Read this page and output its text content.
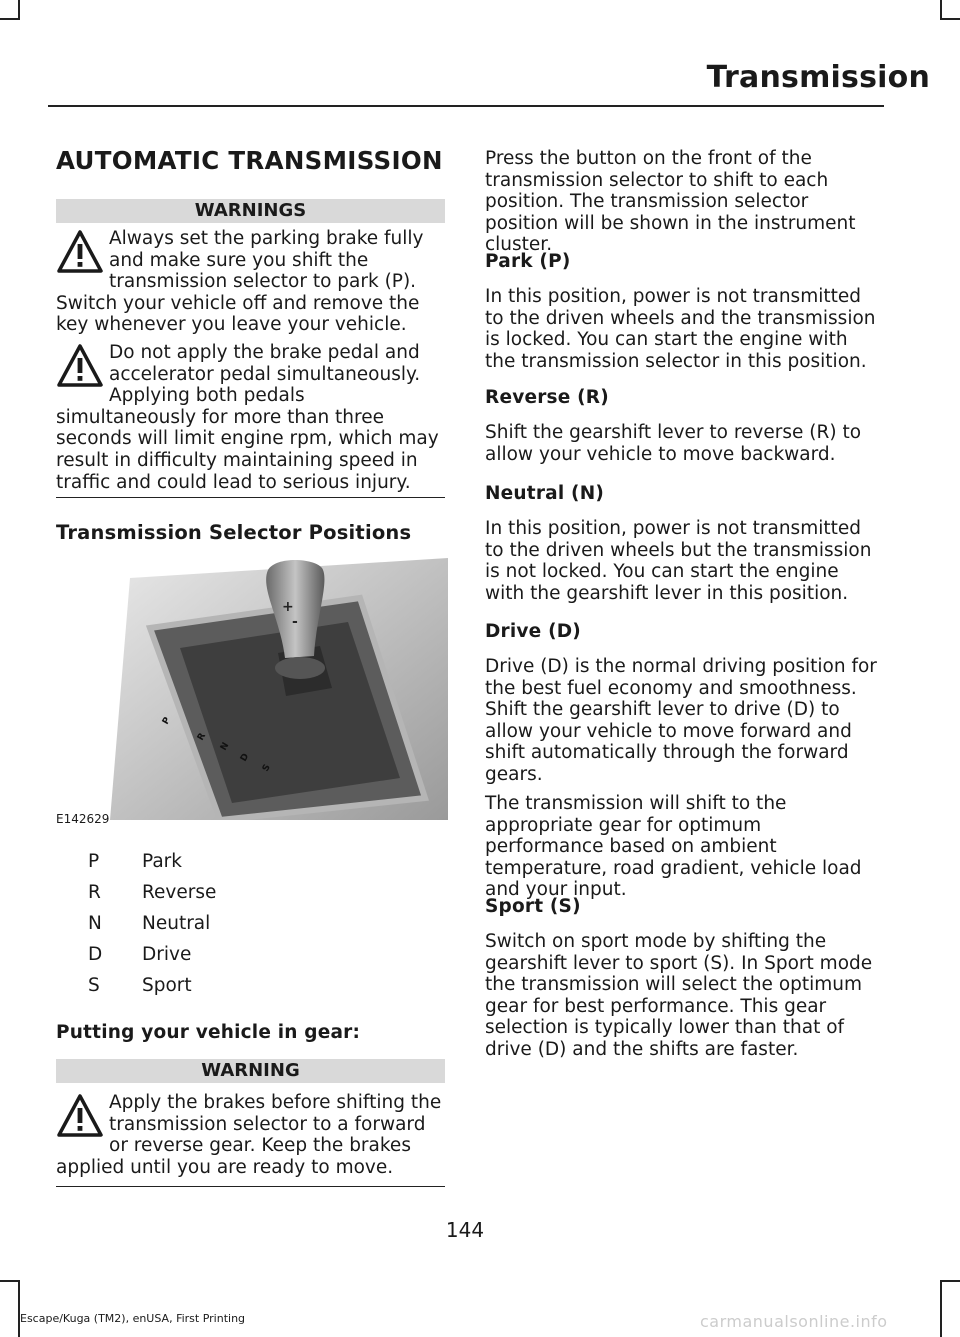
Transmission
AUTOMATIC TRANSMISSION
WARNINGS
Always set the parking brake fully and make sure you shift the transmission selector to park (P). Switch your vehicle off and remove the key whenever you leave your vehicle.
Do not apply the brake pedal and accelerator pedal simultaneously. Applying both pedals simultaneously for more than three seconds will limit engine rpm, which may result in difficulty maintaining speed in traffic and could lead to serious injury.
Transmission Selector Positions
+
-
P
R
N
D
S
E142629
P	Park
R	Reverse
N	Neutral
D	Drive
S	Sport
Putting your vehicle in gear:
WARNING
Apply the brakes before shifting the transmission selector to a forward or reverse gear. Keep the brakes applied until you are ready to move.

Press the button on the front of the transmission selector to shift to each position. The transmission selector position will be shown in the instrument cluster.

Park (P)

In this position, power is not transmitted to the driven wheels and the transmission is locked. You can start the engine with the transmission selector in this position.

Reverse (R)

Shift the gearshift lever to reverse (R) to allow your vehicle to move backward.

Neutral (N)

In this position, power is not transmitted to the driven wheels but the transmission is not locked. You can start the engine with the gearshift lever in this position.

Drive (D)

Drive (D) is the normal driving position for the best fuel economy and smoothness. Shift the gearshift lever to drive (D) to allow your vehicle to move forward and shift automatically through the forward gears.

The transmission will shift to the appropriate gear for optimum performance based on ambient temperature, road gradient, vehicle load and your input.

Sport (S)

Switch on sport mode by shifting the gearshift lever to sport (S). In Sport mode the transmission will select the optimum gear for best performance. This gear selection is typically lower than that of drive (D) and the shifts are faster.

144
Escape/Kuga (TM2), enUSA, First Printing	carmanualsonline.info
